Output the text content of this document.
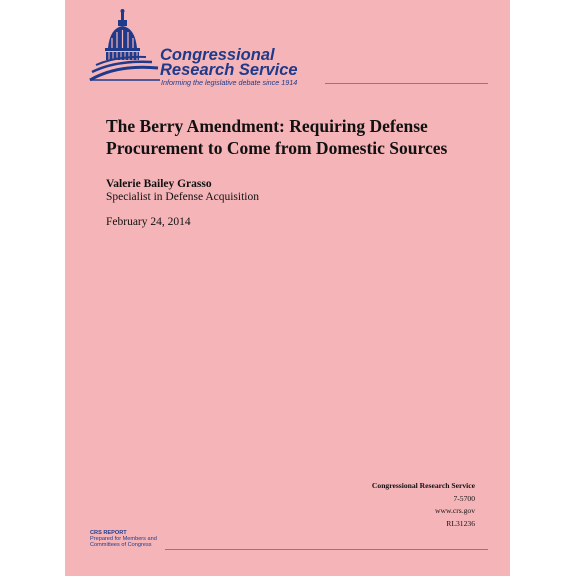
Congressional
Research Service
Informing the legislative debate since 1914
The Berry Amendment: Requiring Defense
Procurement to Come from Domestic Sources
Valerie Bailey Grasso
Specialist in Defense Acquisition
February 24, 2014
Congressional Research Service
7-5700
www.crs.gov
RL31236
CRS REPORT
Prepared for Members and
Committees of Congress
